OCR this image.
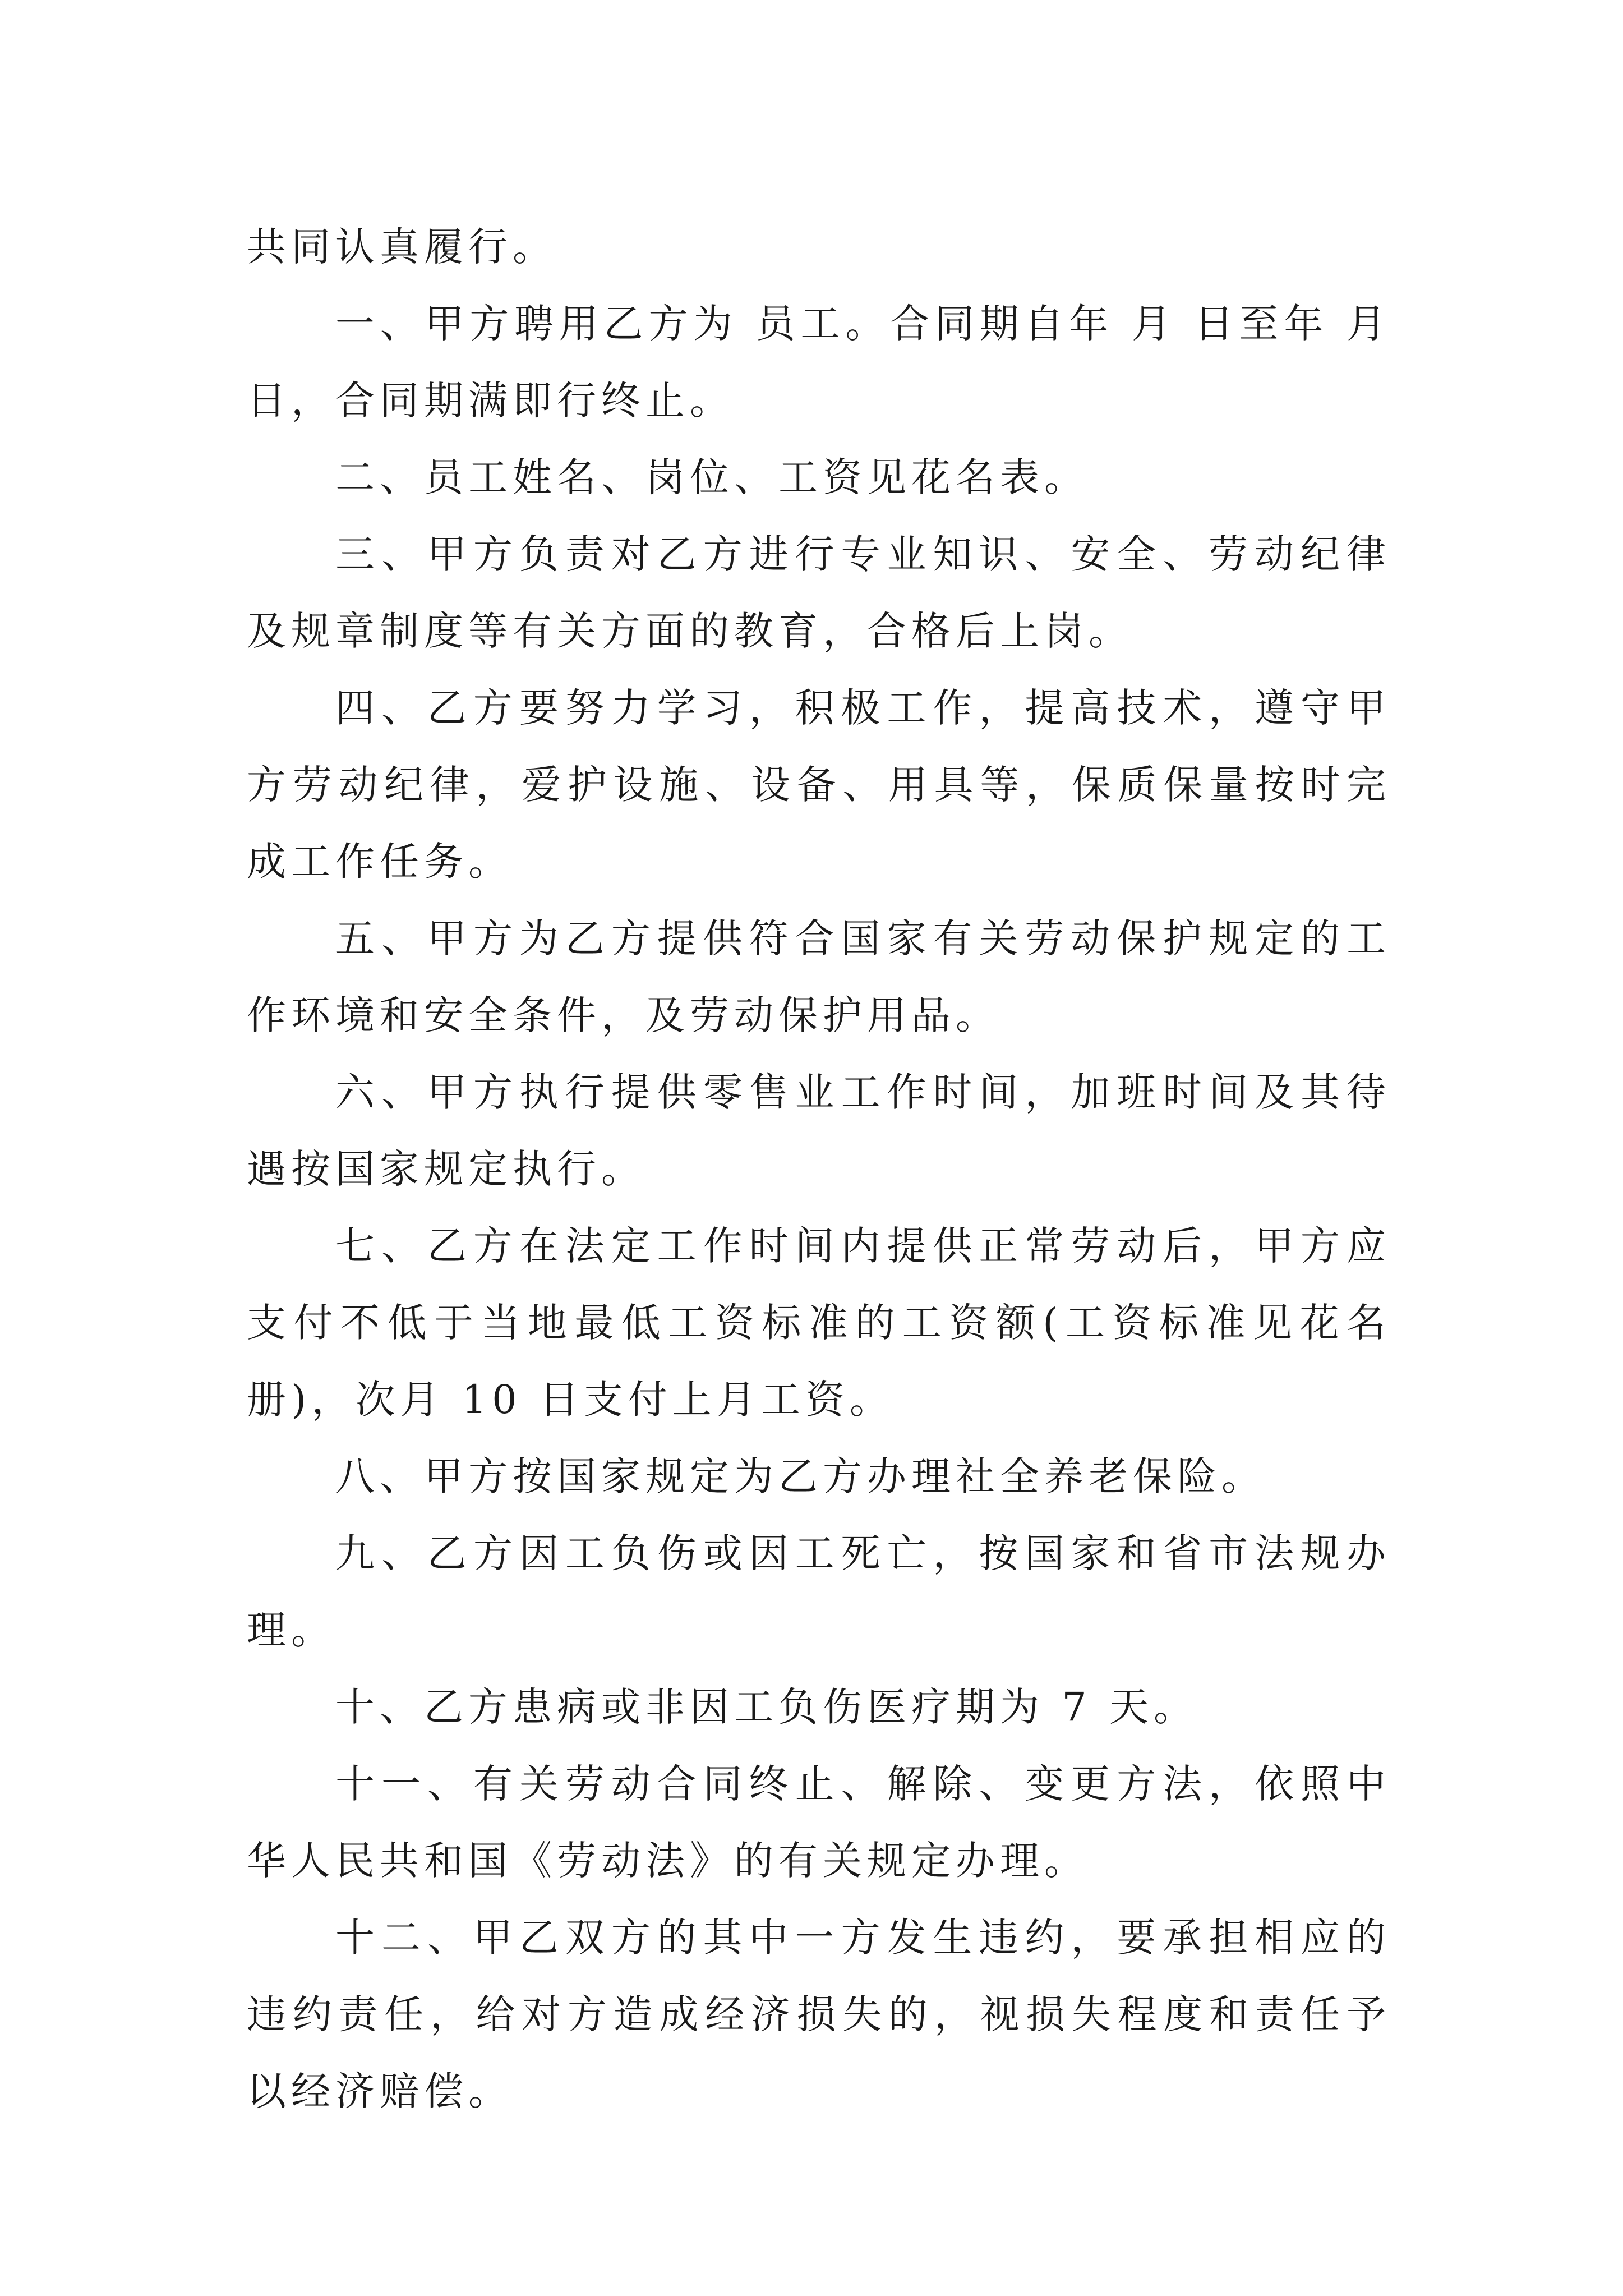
共同认真履行。

一、甲方聘用乙方为 员工。合同期自年 月 日至年 月日，合同期满即行终止。

二、员工姓名、岗位、工资见花名表。

三、甲方负责对乙方进行专业知识、安全、劳动纪律及规章制度等有关方面的教育，合格后上岗。

四、乙方要努力学习，积极工作，提高技术，遵守甲方劳动纪律，爱护设施、设备、用具等，保质保量按时完成工作任务。

五、甲方为乙方提供符合国家有关劳动保护规定的工作环境和安全条件，及劳动保护用品。

六、甲方执行提供零售业工作时间，加班时间及其待遇按国家规定执行。

七、乙方在法定工作时间内提供正常劳动后，甲方应支付不低于当地最低工资标准的工资额(工资标准见花名册)，次月 10 日支付上月工资。

八、甲方按国家规定为乙方办理社全养老保险。

九、乙方因工负伤或因工死亡，按国家和省市法规办理。

十、乙方患病或非因工负伤医疗期为 7 天。

十一、有关劳动合同终止、解除、变更方法，依照中华人民共和国《劳动法》的有关规定办理。

十二、甲乙双方的其中一方发生违约，要承担相应的违约责任，给对方造成经济损失的，视损失程度和责任予以经济赔偿。
